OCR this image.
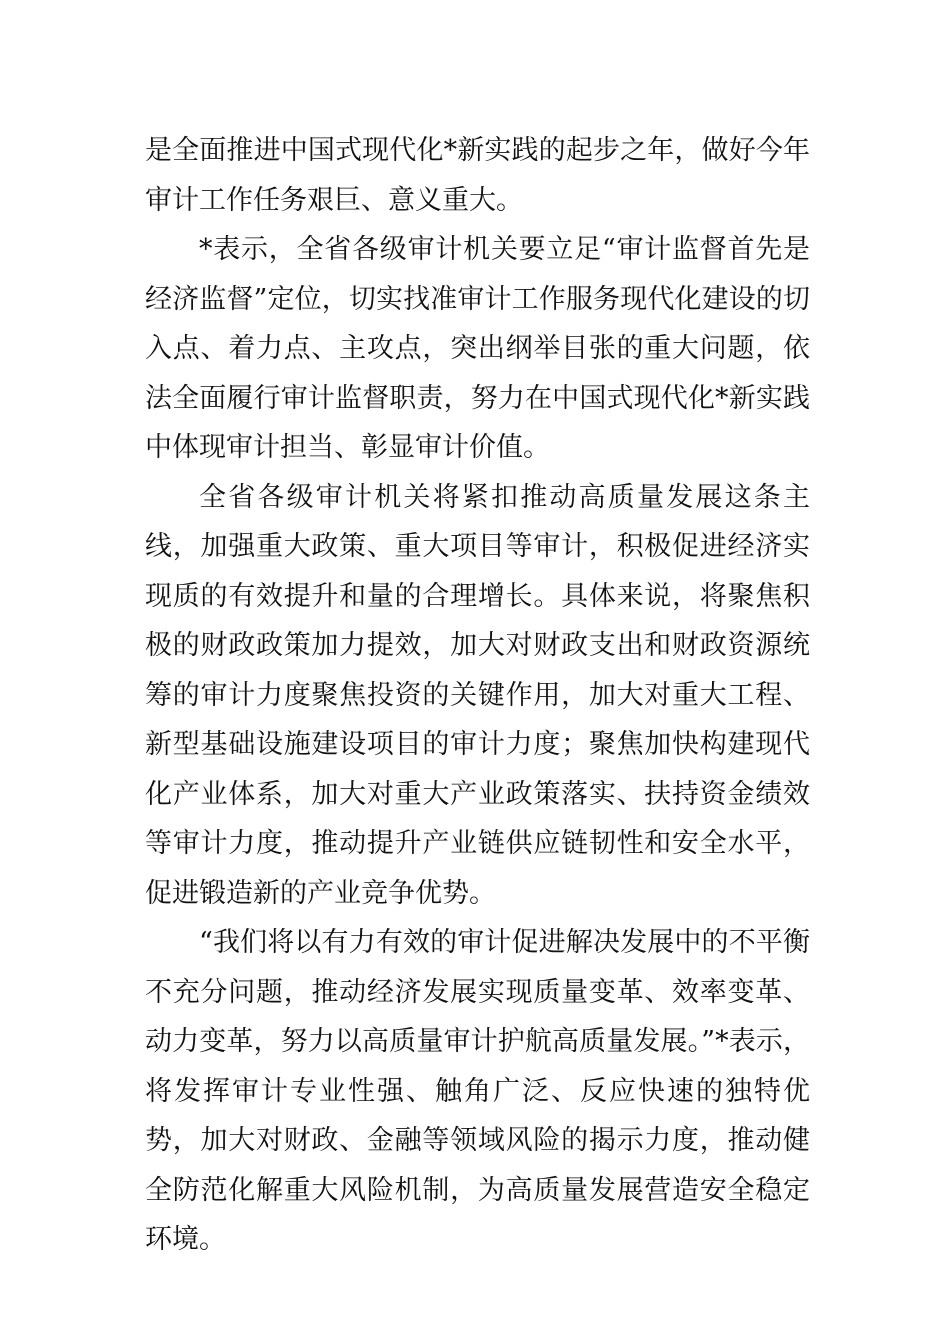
是全面推进中国式现代化*新实践的起步之年，做好今年审计工作任务艰巨、意义重大。

*表示，全省各级审计机关要立足“审计监督首先是经济监督”定位，切实找准审计工作服务现代化建设的切入点、着力点、主攻点，突出纲举目张的重大问题，依法全面履行审计监督职责，努力在中国式现代化*新实践中体现审计担当、彰显审计价值。

全省各级审计机关将紧扣推动高质量发展这条主线，加强重大政策、重大项目等审计，积极促进经济实现质的有效提升和量的合理增长。具体来说，将聚焦积极的财政政策加力提效，加大对财政支出和财政资源统筹的审计力度聚焦投资的关键作用，加大对重大工程、新型基础设施建设项目的审计力度；聚焦加快构建现代化产业体系，加大对重大产业政策落实、扶持资金绩效等审计力度，推动提升产业链供应链韧性和安全水平，促进锻造新的产业竞争优势。

“我们将以有力有效的审计促进解决发展中的不平衡不充分问题，推动经济发展实现质量变革、效率变革、动力变革，努力以高质量审计护航高质量发展。”*表示，将发挥审计专业性强、触角广泛、反应快速的独特优势，加大对财政、金融等领域风险的揭示力度，推动健全防范化解重大风险机制，为高质量发展营造安全稳定环境。
